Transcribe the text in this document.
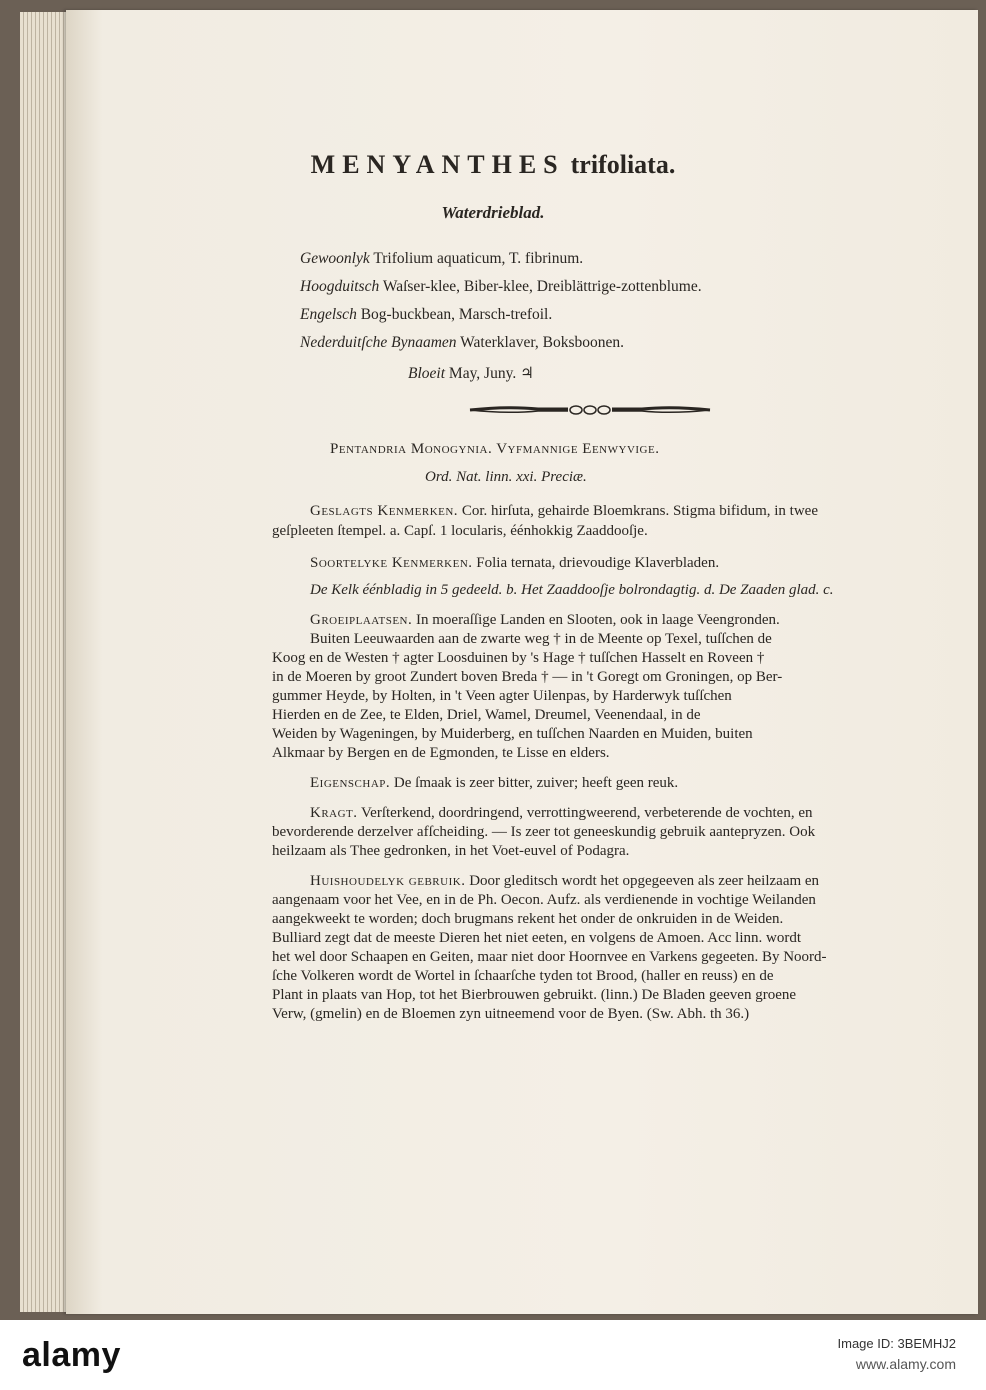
MENYANTHES trifoliata.
Waterdrieblad.
Gewoonlyk Trifolium aquaticum, T. fibrinum.
Hoogduitsch Waſser-klee, Biber-klee, Dreiblättrige-zottenblume.
Engelsch Bog-buckbean, Marsch-trefoil.
Nederduitſche Bynaamen Waterklaver, Boksboonen.
Bloeit May, Juny. ♃
Pentandria Monogynia. Vyfmannige Eenwyvige.
Ord. Nat. linn. xxi. Preciæ.
Geslagts Kenmerken. Cor. hirſuta, gehairde Bloemkrans. Stigma bifidum, in twee
geſpleeten ſtempel. a. Capſ. 1 locularis, éénhokkig Zaaddooſje.
Soortelyke Kenmerken. Folia ternata, drievoudige Klaverbladen.
De Kelk éénbladig in 5 gedeeld. b. Het Zaaddooſje bolrondagtig. d. De Zaaden glad. c.
Groeiplaatsen. In moeraſſige Landen en Slooten, ook in laage Veengronden.
Buiten Leeuwaarden aan de zwarte weg † in de Meente op Texel, tuſſchen de
Koog en de Westen † agter Loosduinen by 's Hage † tuſſchen Hasselt en Roveen †
in de Moeren by groot Zundert boven Breda † — in 't Goregt om Groningen, op Ber-
gummer Heyde, by Holten, in 't Veen agter Uilenpas, by Harderwyk tuſſchen
Hierden en de Zee, te Elden, Driel, Wamel, Dreumel, Veenendaal, in de
Weiden by Wageningen, by Muiderberg, en tuſſchen Naarden en Muiden, buiten
Alkmaar by Bergen en de Egmonden, te Lisse en elders.
Eigenschap. De ſmaak is zeer bitter, zuiver; heeft geen reuk.
Kragt. Verſterkend, doordringend, verrottingweerend, verbeterende de vochten, en
bevorderende derzelver afſcheiding. — Is zeer tot geneeskundig gebruik aantepryzen. Ook
heilzaam als Thee gedronken, in het Voet-euvel of Podagra.
Huishoudelyk gebruik. Door gleditsch wordt het opgegeeven als zeer heilzaam en
aangenaam voor het Vee, en in de Ph. Oecon. Aufz. als verdienende in vochtige Weilanden
aangekweekt te worden; doch brugmans rekent het onder de onkruiden in de Weiden.
Bulliard zegt dat de meeste Dieren het niet eeten, en volgens de Amoen. Acc linn. wordt
het wel door Schaapen en Geiten, maar niet door Hoornvee en Varkens gegeeten. By Noord-
ſche Volkeren wordt de Wortel in ſchaarſche tyden tot Brood, (haller en reuss) en de
Plant in plaats van Hop, tot het Bierbrouwen gebruikt. (linn.) De Bladen geeven groene
Verw, (gmelin) en de Bloemen zyn uitneemend voor de Byen. (Sw. Abh. th 36.)
alamy	Image ID: 3BEMHJ2
www.alamy.com
